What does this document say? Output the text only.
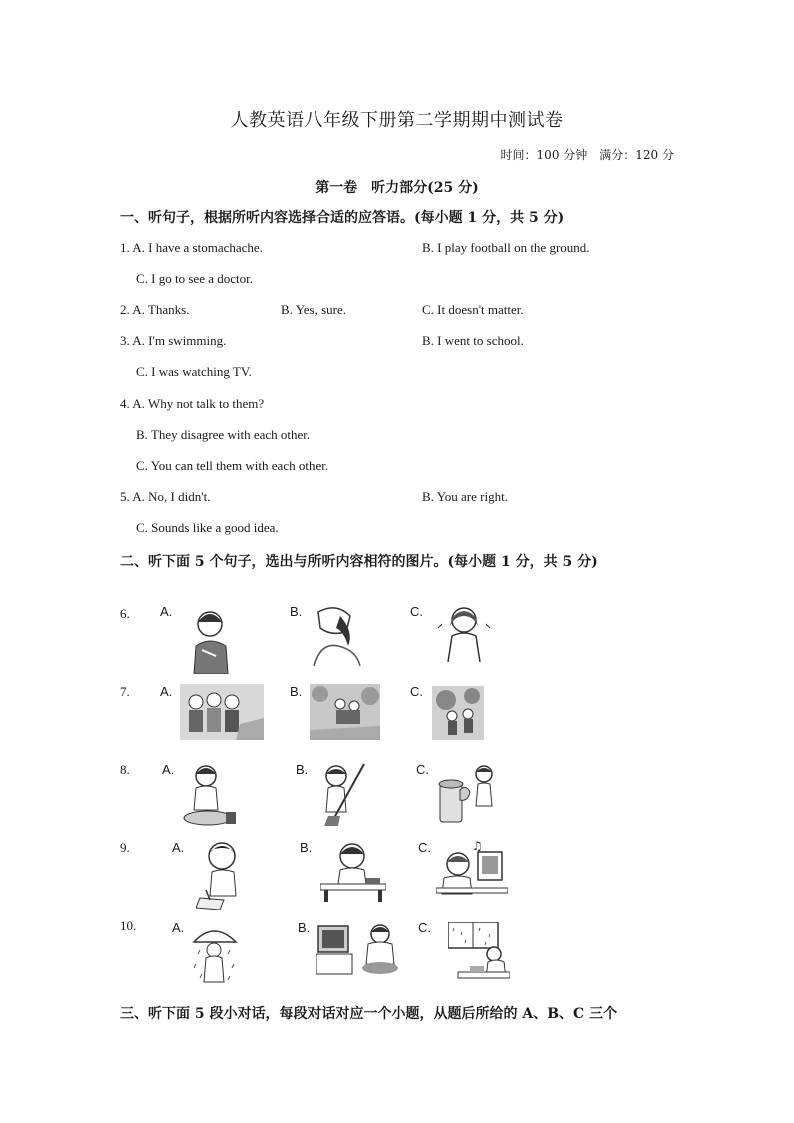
人教英语八年级下册第二学期期中测试卷
时间：100 分钟　满分：120 分
第一卷　听力部分(25 分)
一、听句子，根据所听内容选择合适的应答语。(每小题 1 分，共 5 分)
1. A. I have a stomachache.	B. I play football on the ground.
C. I go to see a doctor.
2. A. Thanks.	B. Yes, sure.	C. It doesn't matter.
3. A. I'm swimming.	B. I went to school.
C. I was watching TV.
4. A. Why not talk to them?
B. They disagree with each other.
C. You can tell them with each other.
5. A. No, I didn't.	B. You are right.
C. Sounds like a good idea.
二、听下面 5 个句子，选出与所听内容相符的图片。(每小题 1 分，共 5 分)
6. A.	B.	C.
7. A.	B.	C.
8. A.	B.	C.
9.	A.	B.	C.	♫
10.	A.	B.	C.
三、听下面 5 段小对话，每段对话对应一个小题，从题后所给的 A、B、C 三个
